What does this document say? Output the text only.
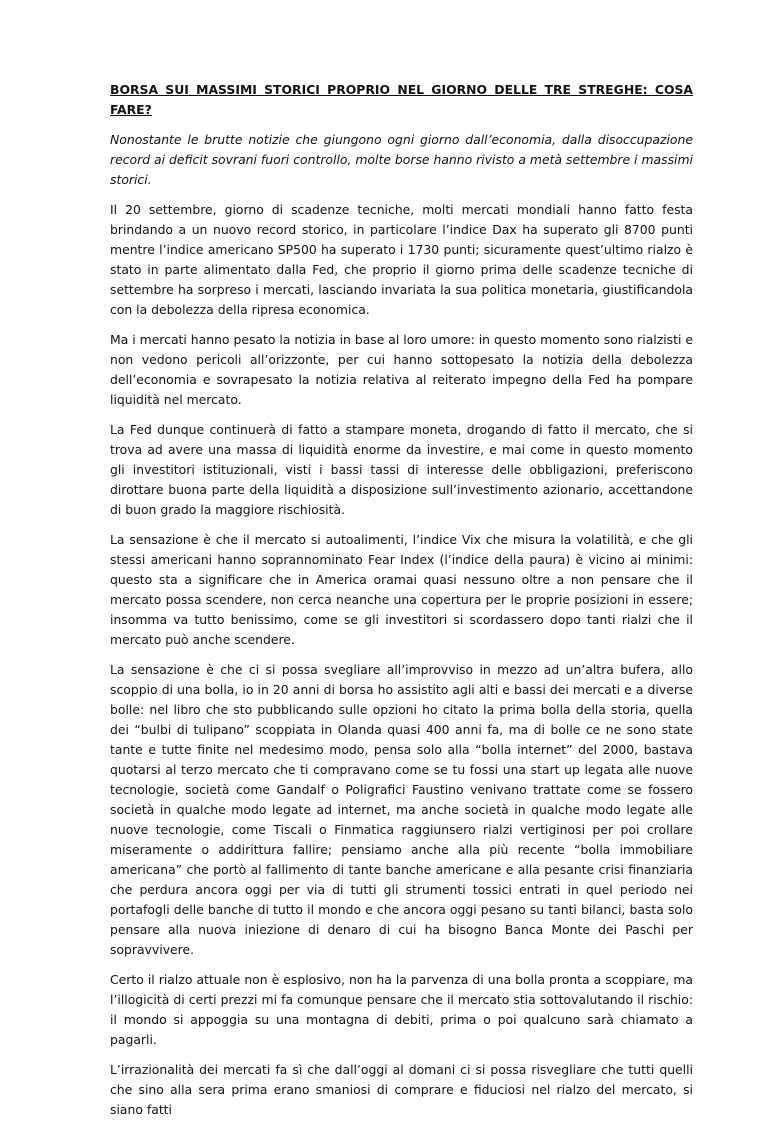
BORSA SUI MASSIMI STORICI PROPRIO NEL GIORNO DELLE TRE STREGHE: COSA FARE?

Nonostante le brutte notizie che giungono ogni giorno dall’economia, dalla disoccupazione record ai deficit sovrani fuori controllo, molte borse hanno rivisto a metà settembre i massimi storici.

Il 20 settembre, giorno di scadenze tecniche, molti mercati mondiali hanno fatto festa brindando a un nuovo record storico, in particolare l’indice Dax ha superato gli 8700 punti mentre l’indice americano SP500 ha superato i 1730 punti; sicuramente quest’ultimo rialzo è stato in parte alimentato dalla Fed, che proprio il giorno prima delle scadenze tecniche di settembre ha sorpreso i mercati, lasciando invariata la sua politica monetaria, giustificandola con la debolezza della ripresa economica.

Ma i mercati hanno pesato la notizia in base al loro umore: in questo momento sono rialzisti e non vedono pericoli all’orizzonte, per cui hanno sottopesato la notizia della debolezza dell’economia e sovrapesato la notizia relativa al reiterato impegno della Fed ha pompare liquidità nel mercato.

La Fed dunque continuerà di fatto a stampare moneta, drogando di fatto il mercato, che si trova ad avere una massa di liquidità enorme da investire, e mai come in questo momento gli investitori istituzionali, visti i bassi tassi di interesse delle obbligazioni, preferiscono dirottare buona parte della liquidità a disposizione sull’investimento azionario, accettandone di buon grado la maggiore rischiosità.

La sensazione è che il mercato si autoalimenti, l’indice Vix che misura la volatilità, e che gli stessi americani hanno soprannominato Fear Index (l’indice della paura) è vicino ai minimi: questo sta a significare che in America oramai quasi nessuno oltre a non pensare che il mercato possa scendere, non cerca neanche una copertura per le proprie posizioni in essere; insomma va tutto benissimo, come se gli investitori si scordassero dopo tanti rialzi che il mercato può anche scendere.

La sensazione è che ci si possa svegliare all’improvviso in mezzo ad un’altra bufera, allo scoppio di una bolla, io in 20 anni di borsa ho assistito agli alti e bassi dei mercati e a diverse bolle: nel libro che sto pubblicando sulle opzioni ho citato la prima bolla della storia, quella dei “bulbi di tulipano” scoppiata in Olanda quasi 400 anni fa, ma di bolle ce ne sono state tante e tutte finite nel medesimo modo, pensa solo alla “bolla internet” del 2000, bastava quotarsi al terzo mercato che ti compravano come se tu fossi una start up legata alle nuove tecnologie, società come Gandalf o Poligrafici Faustino venivano trattate come se fossero società in qualche modo legate ad internet, ma anche società in qualche modo legate alle nuove tecnologie, come Tiscali o Finmatica raggiunsero rialzi vertiginosi per poi crollare miseramente o addirittura fallire; pensiamo anche alla più recente “bolla immobiliare americana” che portò al fallimento di tante banche americane e alla pesante crisi finanziaria che perdura ancora oggi per via di tutti gli strumenti tossici entrati in quel periodo nei portafogli delle banche di tutto il mondo e che ancora oggi pesano su tanti bilanci, basta solo pensare alla nuova iniezione di denaro di cui ha bisogno Banca Monte dei Paschi per sopravvivere.

Certo il rialzo attuale non è esplosivo, non ha la parvenza di una bolla pronta a scoppiare, ma l’illogicità di certi prezzi mi fa comunque pensare che il mercato stia sottovalutando il rischio: il mondo si appoggia su una montagna di debiti, prima o poi qualcuno sarà chiamato a pagarli.

L’irrazionalità dei mercati fa sì che dall’oggi al domani ci si possa risvegliare che tutti quelli che sino alla sera prima erano smaniosi di comprare e fiduciosi nel rialzo del mercato, si siano fatti
